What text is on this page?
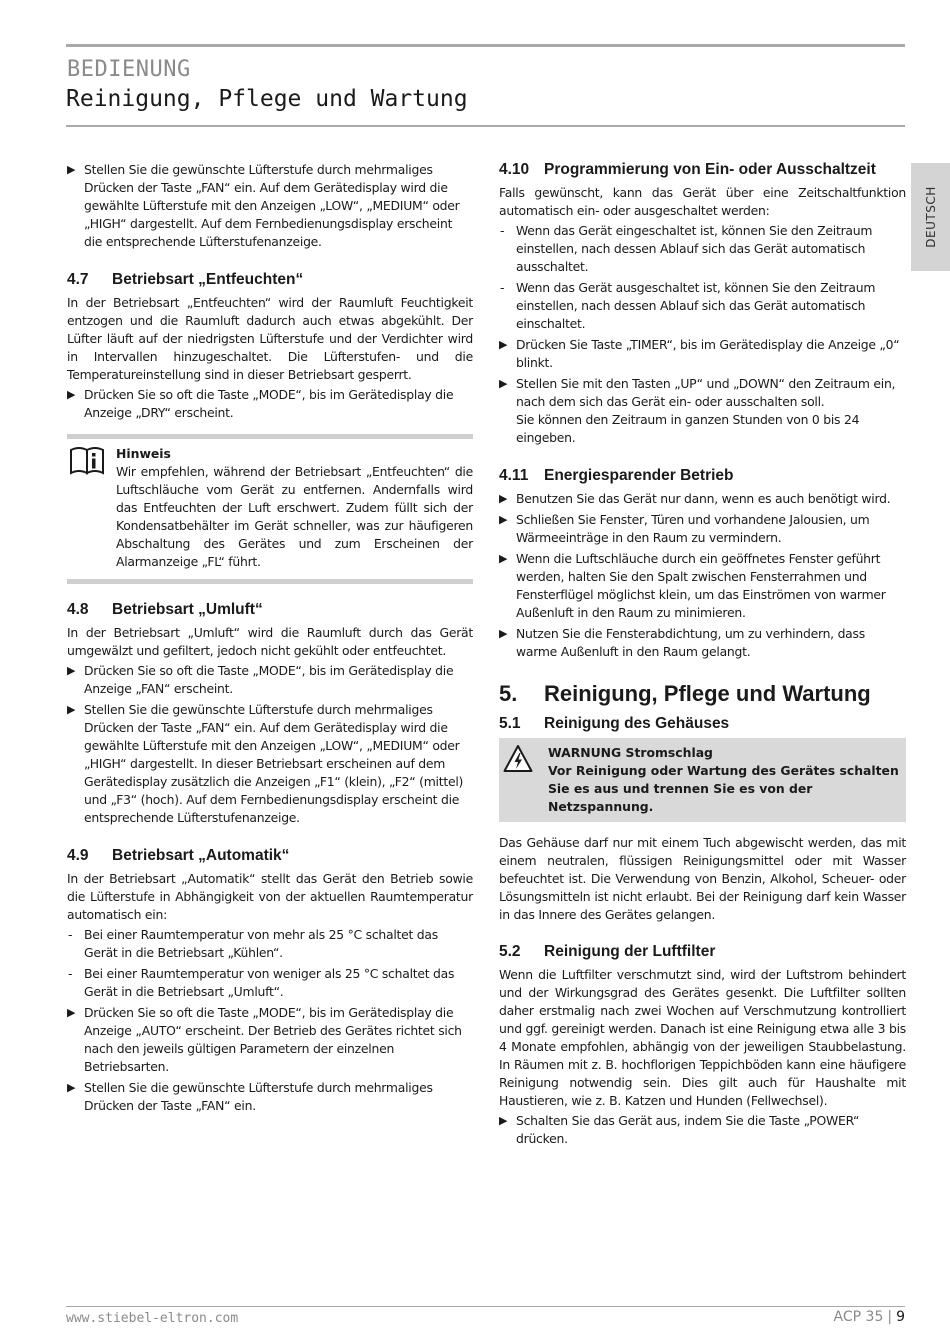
BEDIENUNG
Reinigung, Pflege und Wartung
DEUTSCH
▶ Stellen Sie die gewünschte Lüfterstufe durch mehrmaliges Drücken der Taste „FAN“ ein. Auf dem Gerätedisplay wird die gewählte Lüfterstufe mit den Anzeigen „LOW“, „MEDIUM“ oder „HIGH“ dargestellt. Auf dem Fernbedienungsdisplay erscheint die entsprechende Lüfterstufenanzeige.
4.7	Betriebsart „Entfeuchten“

In der Betriebsart „Entfeuchten“ wird der Raumluft Feuchtigkeit entzogen und die Raumluft dadurch auch etwas abgekühlt. Der Lüfter läuft auf der niedrigsten Lüfterstufe und der Verdichter wird in Intervallen hinzugeschaltet. Die Lüfterstufen- und die Temperatureinstellung sind in dieser Betriebsart gesperrt.

▶ Drücken Sie so oft die Taste „MODE“, bis im Gerätedisplay die Anzeige „DRY“ erscheint.
Hinweis

Wir empfehlen, während der Betriebsart „Entfeuchten“ die Luftschläuche vom Gerät zu entfernen. Andernfalls wird das Entfeuchten der Luft erschwert. Zudem füllt sich der Kondensatbehälter im Gerät schneller, was zur häufigeren Abschaltung des Gerätes und zum Erscheinen der Alarmanzeige „FL“ führt.

4.8	Betriebsart „Umluft“

In der Betriebsart „Umluft“ wird die Raumluft durch das Gerät umgewälzt und gefiltert, jedoch nicht gekühlt oder entfeuchtet.

▶ Drücken Sie so oft die Taste „MODE“, bis im Gerätedisplay die Anzeige „FAN“ erscheint.
▶ Stellen Sie die gewünschte Lüfterstufe durch mehrmaliges Drücken der Taste „FAN“ ein. Auf dem Gerätedisplay wird die gewählte Lüfterstufe mit den Anzeigen „LOW“, „MEDIUM“ oder „HIGH“ dargestellt. In dieser Betriebsart erscheinen auf dem Gerätedisplay zusätzlich die Anzeigen „F1“ (klein), „F2“ (mittel) und „F3“ (hoch). Auf dem Fernbedienungsdisplay erscheint die entsprechende Lüfterstufenanzeige.
4.9	Betriebsart „Automatik“

In der Betriebsart „Automatik“ stellt das Gerät den Betrieb sowie die Lüfterstufe in Abhängigkeit von der aktuellen Raumtemperatur automatisch ein:

- Bei einer Raumtemperatur von mehr als 25 °C schaltet das Gerät in die Betriebsart „Kühlen“.
- Bei einer Raumtemperatur von weniger als 25 °C schaltet das Gerät in die Betriebsart „Umluft“.
▶ Drücken Sie so oft die Taste „MODE“, bis im Gerätedisplay die Anzeige „AUTO“ erscheint. Der Betrieb des Gerätes richtet sich nach den jeweils gültigen Parametern der einzelnen Betriebsarten.
▶ Stellen Sie die gewünschte Lüfterstufe durch mehrmaliges Drücken der Taste „FAN“ ein.
4.10 Programmierung von Ein- oder Ausschaltzeit

Falls gewünscht, kann das Gerät über eine Zeitschaltfunktion automatisch ein- oder ausgeschaltet werden:

- Wenn das Gerät eingeschaltet ist, können Sie den Zeitraum einstellen, nach dessen Ablauf sich das Gerät automatisch ausschaltet.
- Wenn das Gerät ausgeschaltet ist, können Sie den Zeitraum einstellen, nach dessen Ablauf sich das Gerät automatisch einschaltet.
▶ Drücken Sie Taste „TIMER“, bis im Gerätedisplay die Anzeige „0“ blinkt.
▶ Stellen Sie mit den Tasten „UP“ und „DOWN“ den Zeitraum ein, nach dem sich das Gerät ein- oder ausschalten soll.
Sie können den Zeitraum in ganzen Stunden von 0 bis 24 eingeben.
4.11	Energiesparender Betrieb
▶ Benutzen Sie das Gerät nur dann, wenn es auch benötigt wird.
▶ Schließen Sie Fenster, Türen und vorhandene Jalousien, um Wärmeeinträge in den Raum zu vermindern.
▶ Wenn die Luftschläuche durch ein geöffnetes Fenster geführt werden, halten Sie den Spalt zwischen Fensterrahmen und Fensterflügel möglichst klein, um das Einströmen von warmer Außenluft in den Raum zu minimieren.
▶ Nutzen Sie die Fensterabdichtung, um zu verhindern, dass warme Außenluft in den Raum gelangt.
5.	Reinigung, Pflege und Wartung
5.1	Reinigung des Gehäuses
WARNUNG Stromschlag
Vor Reinigung oder Wartung des Gerätes schalten Sie es aus und trennen Sie es von der Netzspannung.

Das Gehäuse darf nur mit einem Tuch abgewischt werden, das mit einem neutralen, flüssigen Reinigungsmittel oder mit Wasser befeuchtet ist. Die Verwendung von Benzin, Alkohol, Scheuer- oder Lösungsmitteln ist nicht erlaubt. Bei der Reinigung darf kein Wasser in das Innere des Gerätes gelangen.

5.2	Reinigung der Luftfilter

Wenn die Luftfilter verschmutzt sind, wird der Luftstrom behindert und der Wirkungsgrad des Gerätes gesenkt. Die Luftfilter sollten daher erstmalig nach zwei Wochen auf Verschmutzung kontrolliert und ggf. gereinigt werden. Danach ist eine Reinigung etwa alle 3 bis 4 Monate empfohlen, abhängig von der jeweiligen Staubbelastung. In Räumen mit z. B. hochflorigen Teppichböden kann eine häufigere Reinigung notwendig sein. Dies gilt auch für Haushalte mit Haustieren, wie z. B. Katzen und Hunden (Fellwechsel).

▶ Schalten Sie das Gerät aus, indem Sie die Taste „POWER“ drücken.
www.stiebel-eltron.com	ACP 35 | 9
